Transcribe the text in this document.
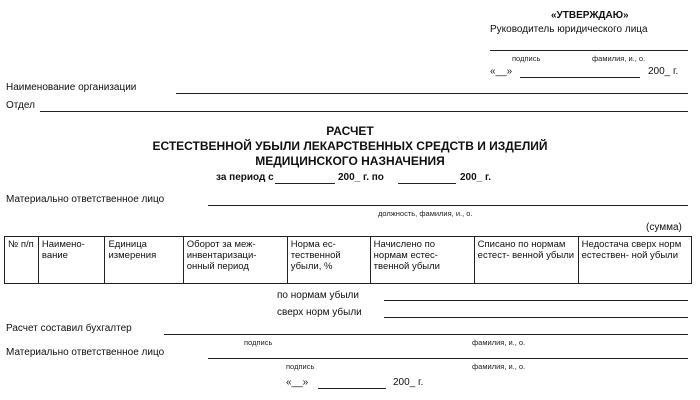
«УТВЕРЖДАЮ»
Руководитель юридического лица
подпись	фамилия, и., о.
«__»	200_ г.
Наименование организации
Отдел
РАСЧЕТ
ЕСТЕСТВЕННОЙ УБЫЛИ ЛЕКАРСТВЕННЫХ СРЕДСТВ И ИЗДЕЛИЙ
МЕДИЦИНСКОГО НАЗНАЧЕНИЯ
за период с	200_ г. по	200_ г.
Материально ответственное лицо
должность, фамилия, и., о.
(сумма)
№ п/п	Наимено- вание	Единица измерения	Оборот за меж- инвентаризаци- онный период	Норма ес- тественной убыли, %	Начислено по нормам естес- твенной убыли	Списано по нормам естест- венной убыли	Недостача сверх норм естествен- ной убыли
по нормам убыли
сверх норм убыли
Расчет составил бухгалтер
подпись	фамилия, и., о.
Материально ответственное лицо
подпись	фамилия, и., о.
«__»	200_ г.
